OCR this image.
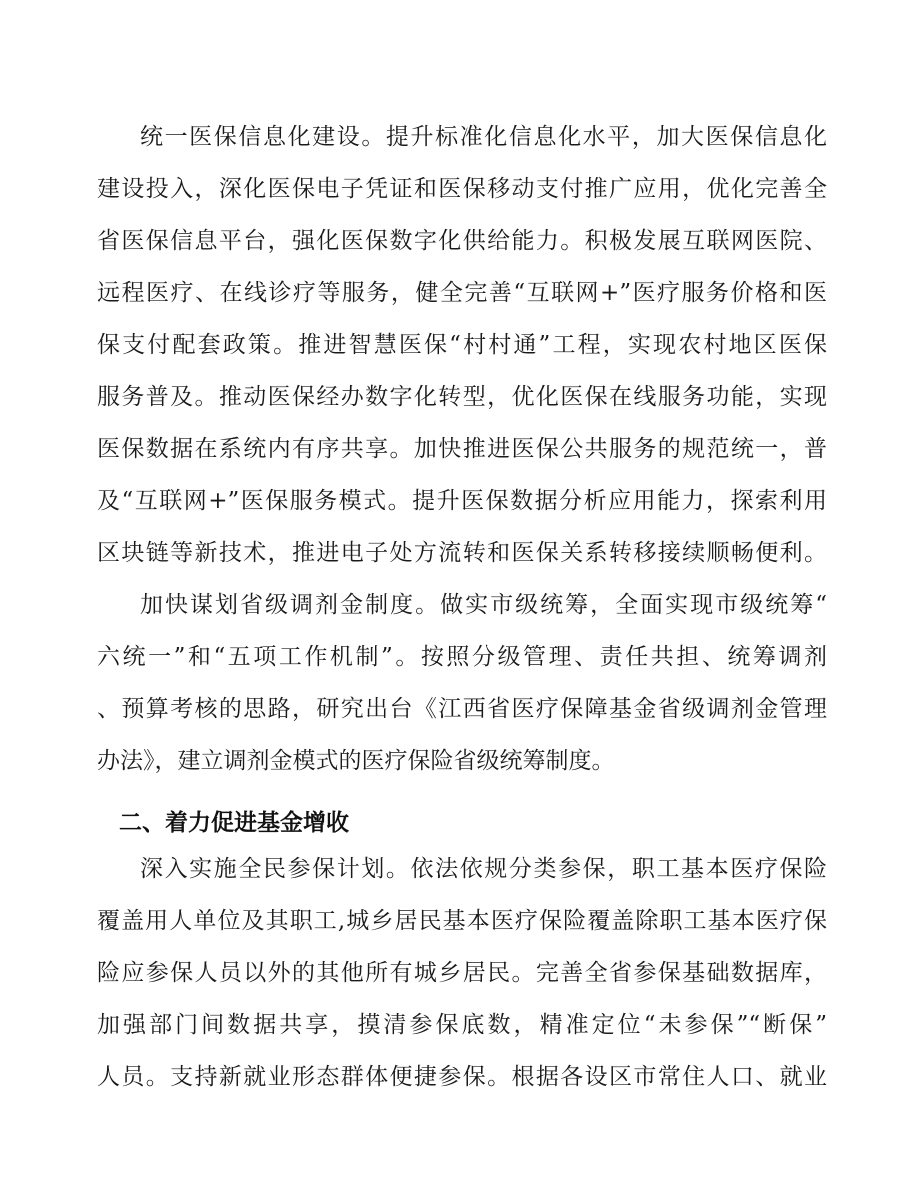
统一医保信息化建设。提升标准化信息化水平，加大医保信息化
建设投入，深化医保电子凭证和医保移动支付推广应用，优化完善全
省医保信息平台，强化医保数字化供给能力。积极发展互联网医院、
远程医疗、在线诊疗等服务，健全完善“互联网+”医疗服务价格和医
保支付配套政策。推进智慧医保“村村通”工程，实现农村地区医保
服务普及。推动医保经办数字化转型，优化医保在线服务功能，实现
医保数据在系统内有序共享。加快推进医保公共服务的规范统一，普
及“互联网+”医保服务模式。提升医保数据分析应用能力，探索利用
区块链等新技术，推进电子处方流转和医保关系转移接续顺畅便利。
加快谋划省级调剂金制度。做实市级统筹，全面实现市级统筹“
六统一”和“五项工作机制”。按照分级管理、责任共担、统筹调剂
、预算考核的思路，研究出台《江西省医疗保障基金省级调剂金管理
办法》，建立调剂金模式的医疗保险省级统筹制度。
二、着力促进基金增收
深入实施全民参保计划。依法依规分类参保，职工基本医疗保险
覆盖用人单位及其职工,城乡居民基本医疗保险覆盖除职工基本医疗保
险应参保人员以外的其他所有城乡居民。完善全省参保基础数据库，
加强部门间数据共享，摸清参保底数，精准定位“未参保”“断保”
人员。支持新就业形态群体便捷参保。根据各设区市常住人口、就业
